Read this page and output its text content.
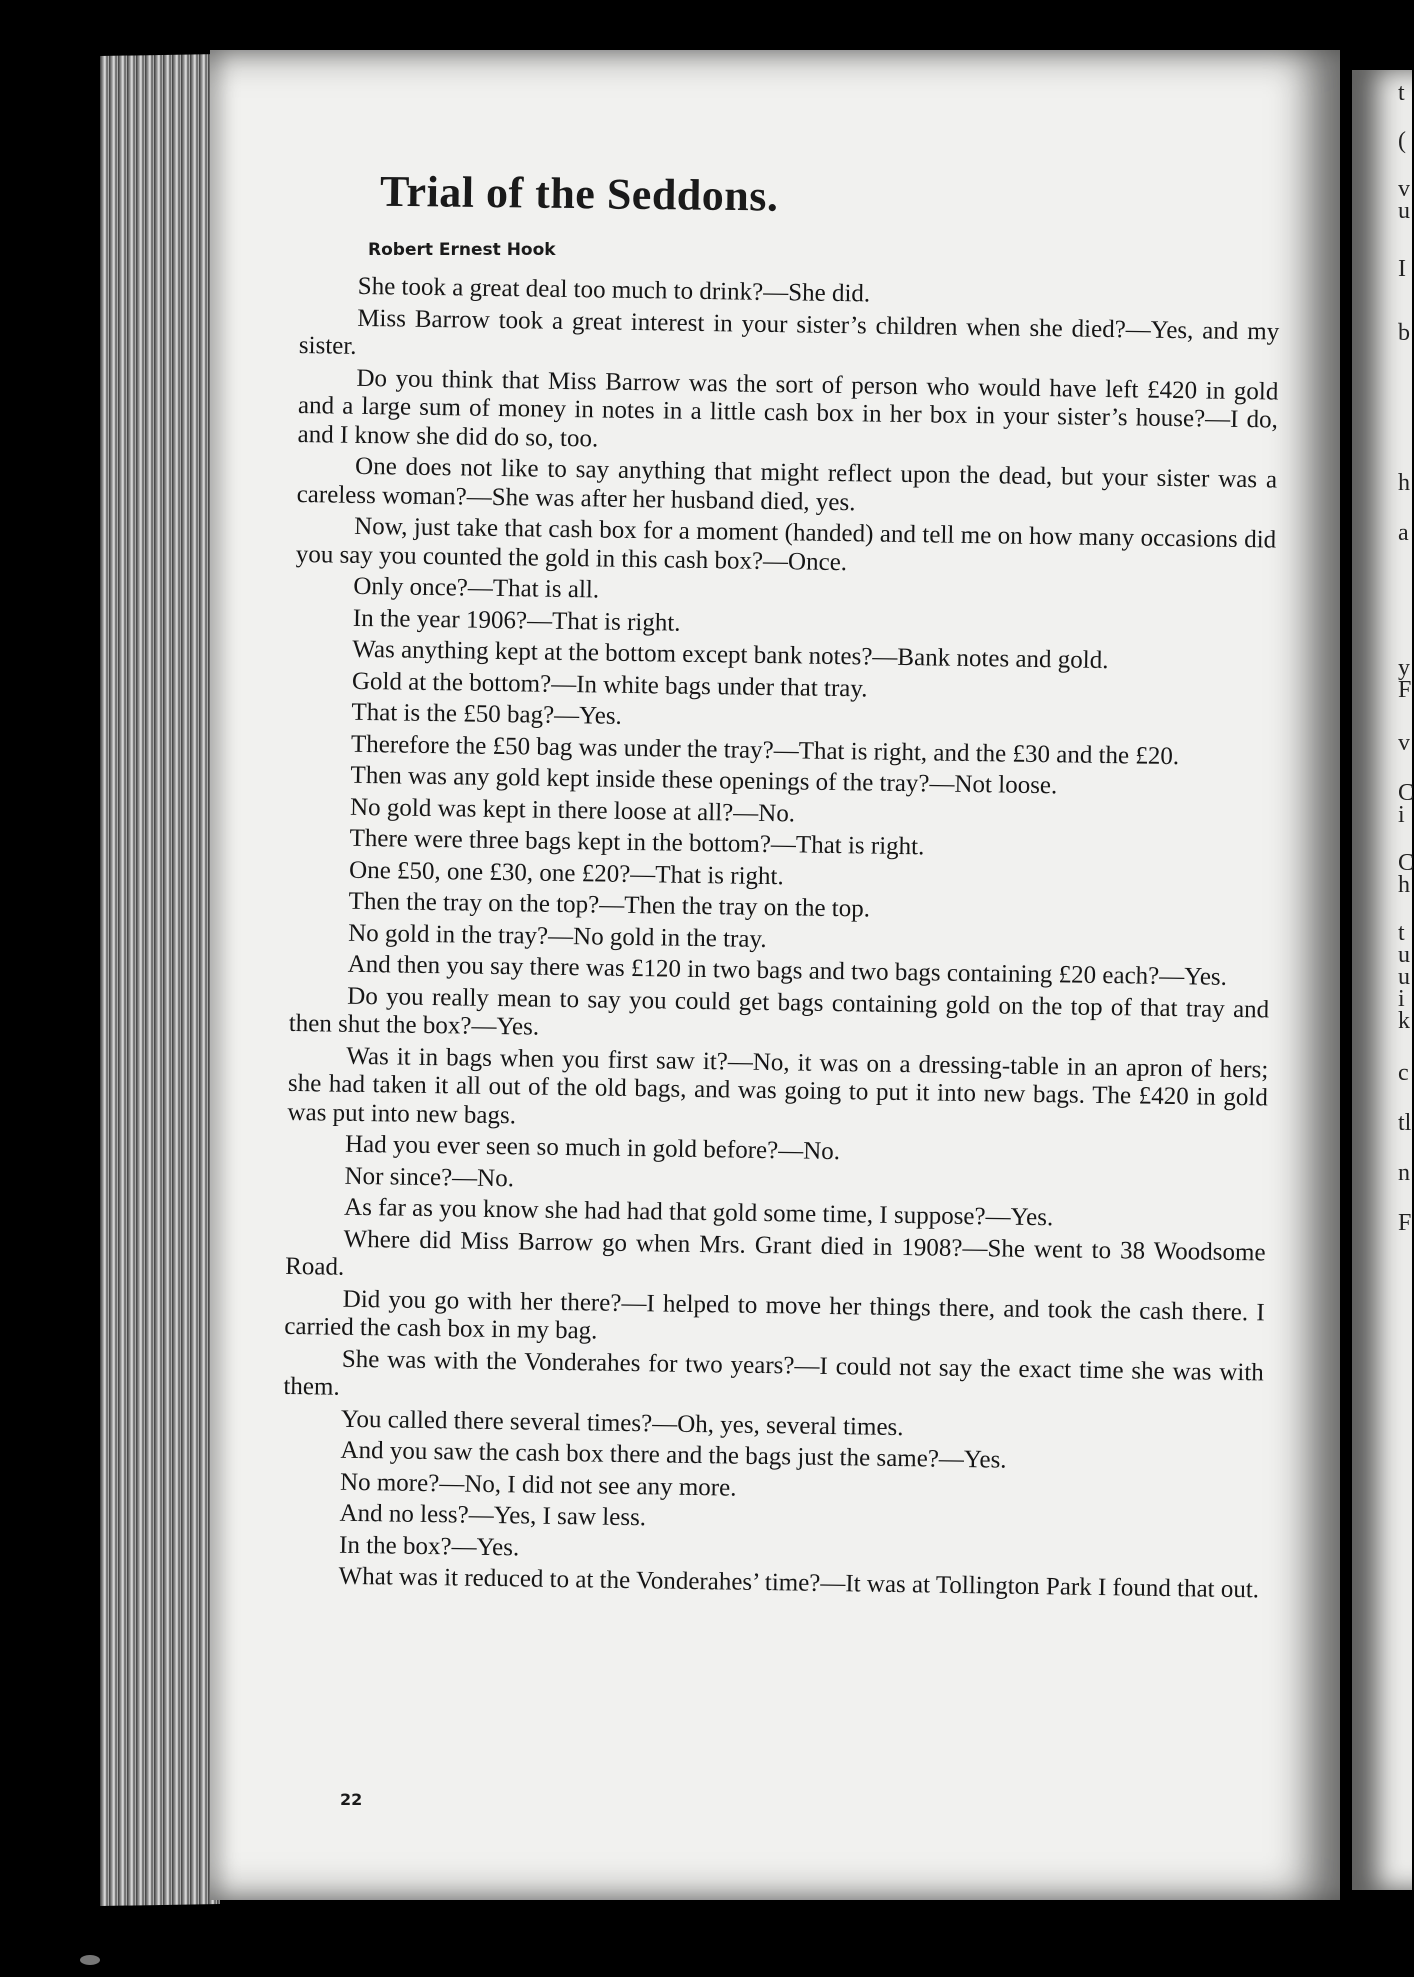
t
(
v
u
I
b
h
a
y
F
v
C
i
C
h
t
u
u
i
k
c
tl
n
F
Trial of the Seddons.
Robert Ernest Hook

She took a great deal too much to drink?—She did.

Miss Barrow took a great interest in your sister’s children when she died?—Yes, and my sister.

Do you think that Miss Barrow was the sort of person who would have left £420 in gold and a large sum of money in notes in a little cash box in her box in your sister’s house?—I do, and I know she did do so, too.

One does not like to say anything that might reflect upon the dead, but your sister was a careless woman?—She was after her husband died, yes.

Now, just take that cash box for a moment (handed) and tell me on how many occasions did you say you counted the gold in this cash box?—Once.

Only once?—That is all.

In the year 1906?—That is right.

Was anything kept at the bottom except bank notes?—Bank notes and gold.

Gold at the bottom?—In white bags under that tray.

That is the £50 bag?—Yes.

Therefore the £50 bag was under the tray?—That is right, and the £30 and the £20.

Then was any gold kept inside these openings of the tray?—Not loose.

No gold was kept in there loose at all?—No.

There were three bags kept in the bottom?—That is right.

One £50, one £30, one £20?—That is right.

Then the tray on the top?—Then the tray on the top.

No gold in the tray?—No gold in the tray.

And then you say there was £120 in two bags and two bags containing £20 each?—Yes.

Do you really mean to say you could get bags containing gold on the top of that tray and then shut the box?—Yes.

Was it in bags when you first saw it?—No, it was on a dressing-table in an apron of hers; she had taken it all out of the old bags, and was going to put it into new bags. The £420 in gold was put into new bags.

Had you ever seen so much in gold before?—No.

Nor since?—No.

As far as you know she had had that gold some time, I suppose?—Yes.

Where did Miss Barrow go when Mrs. Grant died in 1908?—She went to 38 Woodsome Road.

Did you go with her there?—I helped to move her things there, and took the cash there. I carried the cash box in my bag.

She was with the Vonderahes for two years?—I could not say the exact time she was with them.

You called there several times?—Oh, yes, several times.

And you saw the cash box there and the bags just the same?—Yes.

No more?—No, I did not see any more.

And no less?—Yes, I saw less.

In the box?—Yes.

What was it reduced to at the Vonderahes’ time?—It was at Tollington Park I found that out.

22
